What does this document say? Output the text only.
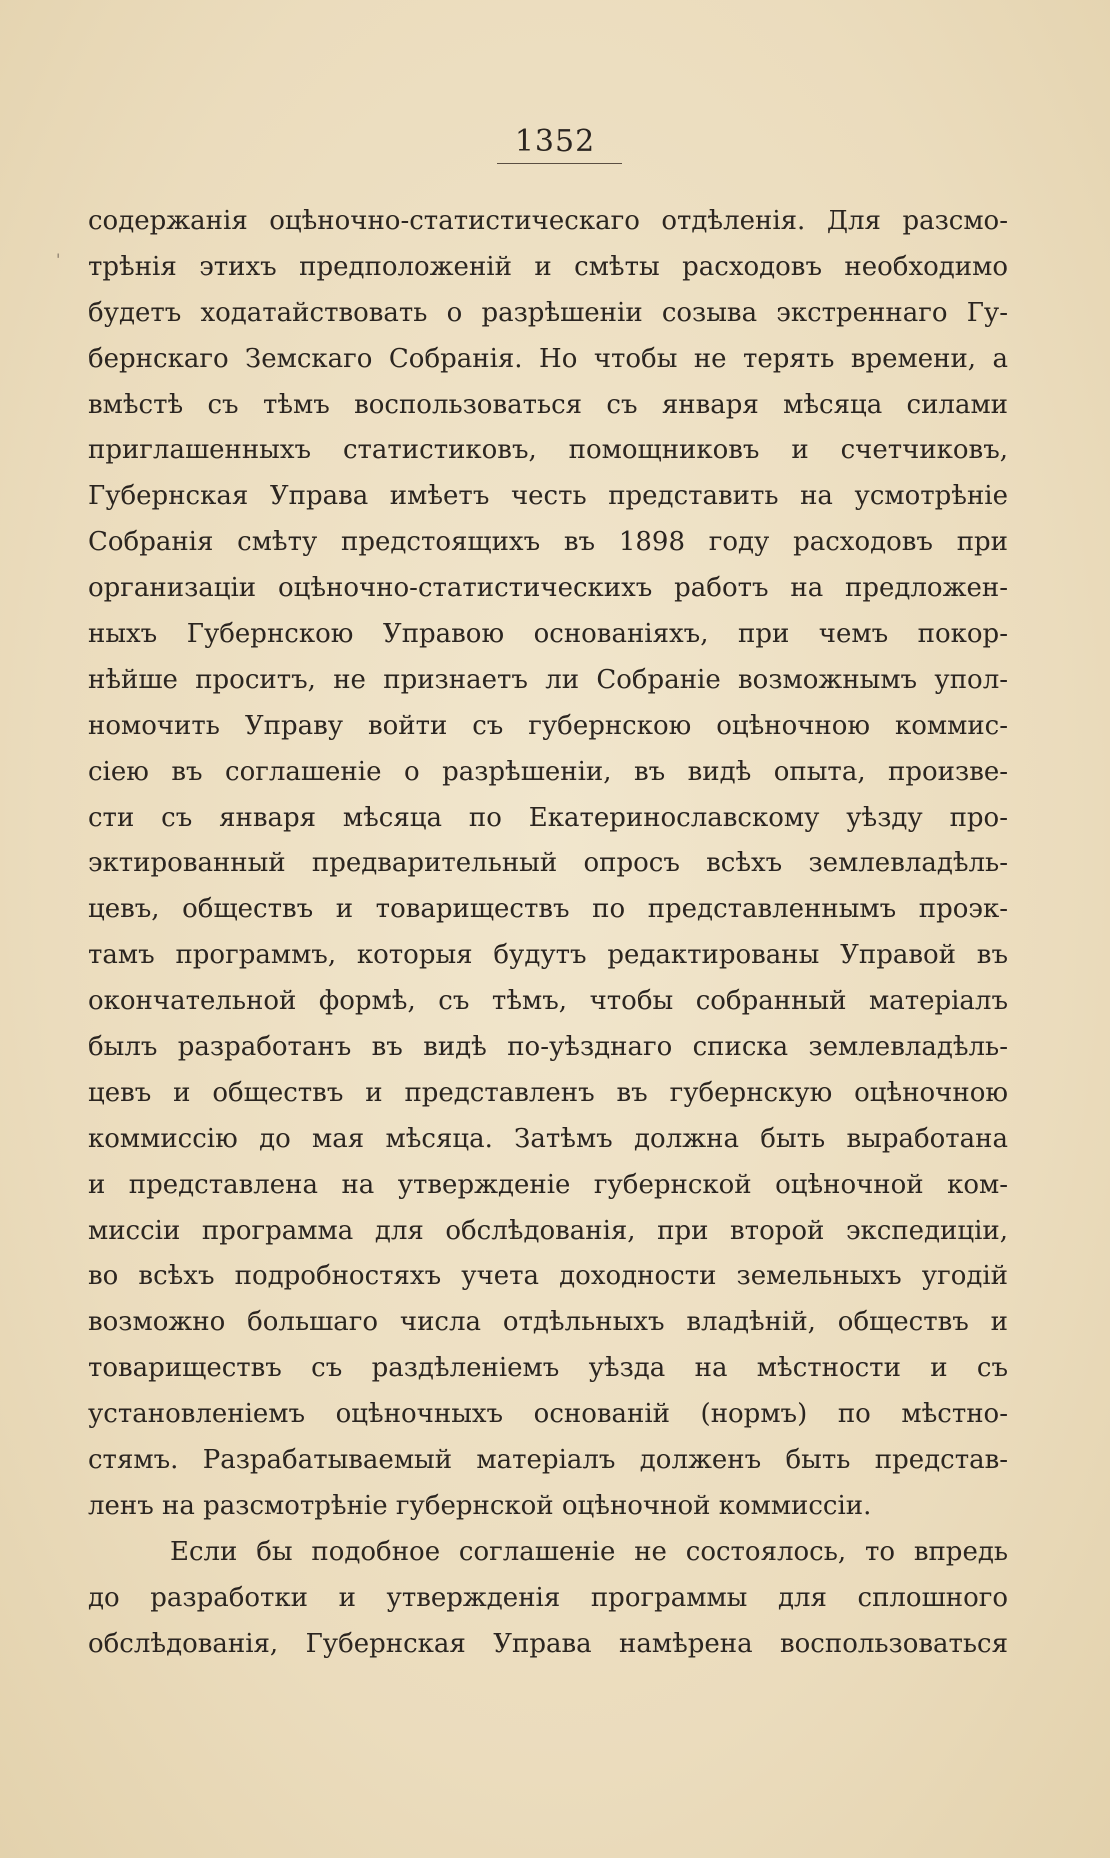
1352
'
содержанія оцѣночно-статистическаго отдѣленія. Для разсмо-
трѣнія этихъ предположеній и смѣты расходовъ необходимо
будетъ ходатайствовать о разрѣшеніи созыва экстреннаго Гу-
бернскаго Земскаго Собранія. Но чтобы не терять времени, а
вмѣстѣ съ тѣмъ воспользоваться съ января мѣсяца силами
приглашенныхъ статистиковъ, помощниковъ и счетчиковъ,
Губернская Управа имѣетъ честь представить на усмотрѣніе
Собранія смѣту предстоящихъ въ 1898 году расходовъ при
организаціи оцѣночно-статистическихъ работъ на предложен-
ныхъ Губернскою Управою основаніяхъ, при чемъ покор-
нѣйше проситъ, не признаетъ ли Собраніе возможнымъ упол-
номочить Управу войти съ губернскою оцѣночною коммис-
сіею въ соглашеніе о разрѣшеніи, въ видѣ опыта, произве-
сти съ января мѣсяца по Екатеринославскому уѣзду про-
эктированный предварительный опросъ всѣхъ землевладѣль-
цевъ, обществъ и товариществъ по представленнымъ проэк-
тамъ программъ, которыя будутъ редактированы Управой въ
окончательной формѣ, съ тѣмъ, чтобы собранный матеріалъ
былъ разработанъ въ видѣ по-уѣзднаго списка землевладѣль-
цевъ и обществъ и представленъ въ губернскую оцѣночною
коммиссію до мая мѣсяца. Затѣмъ должна быть выработана
и представлена на утвержденіе губернской оцѣночной ком-
миссіи программа для обслѣдованія, при второй экспедиціи,
во всѣхъ подробностяхъ учета доходности земельныхъ угодій
возможно большаго числа отдѣльныхъ владѣній, обществъ и
товариществъ съ раздѣленіемъ уѣзда на мѣстности и съ
установленіемъ оцѣночныхъ основаній (нормъ) по мѣстно-
стямъ. Разрабатываемый матеріалъ долженъ быть представ-
ленъ на разсмотрѣніе губернской оцѣночной коммиссіи.
Если бы подобное соглашеніе не состоялось, то впредь
до разработки и утвержденія программы для сплошного
обслѣдованія, Губернская Управа намѣрена воспользоваться
